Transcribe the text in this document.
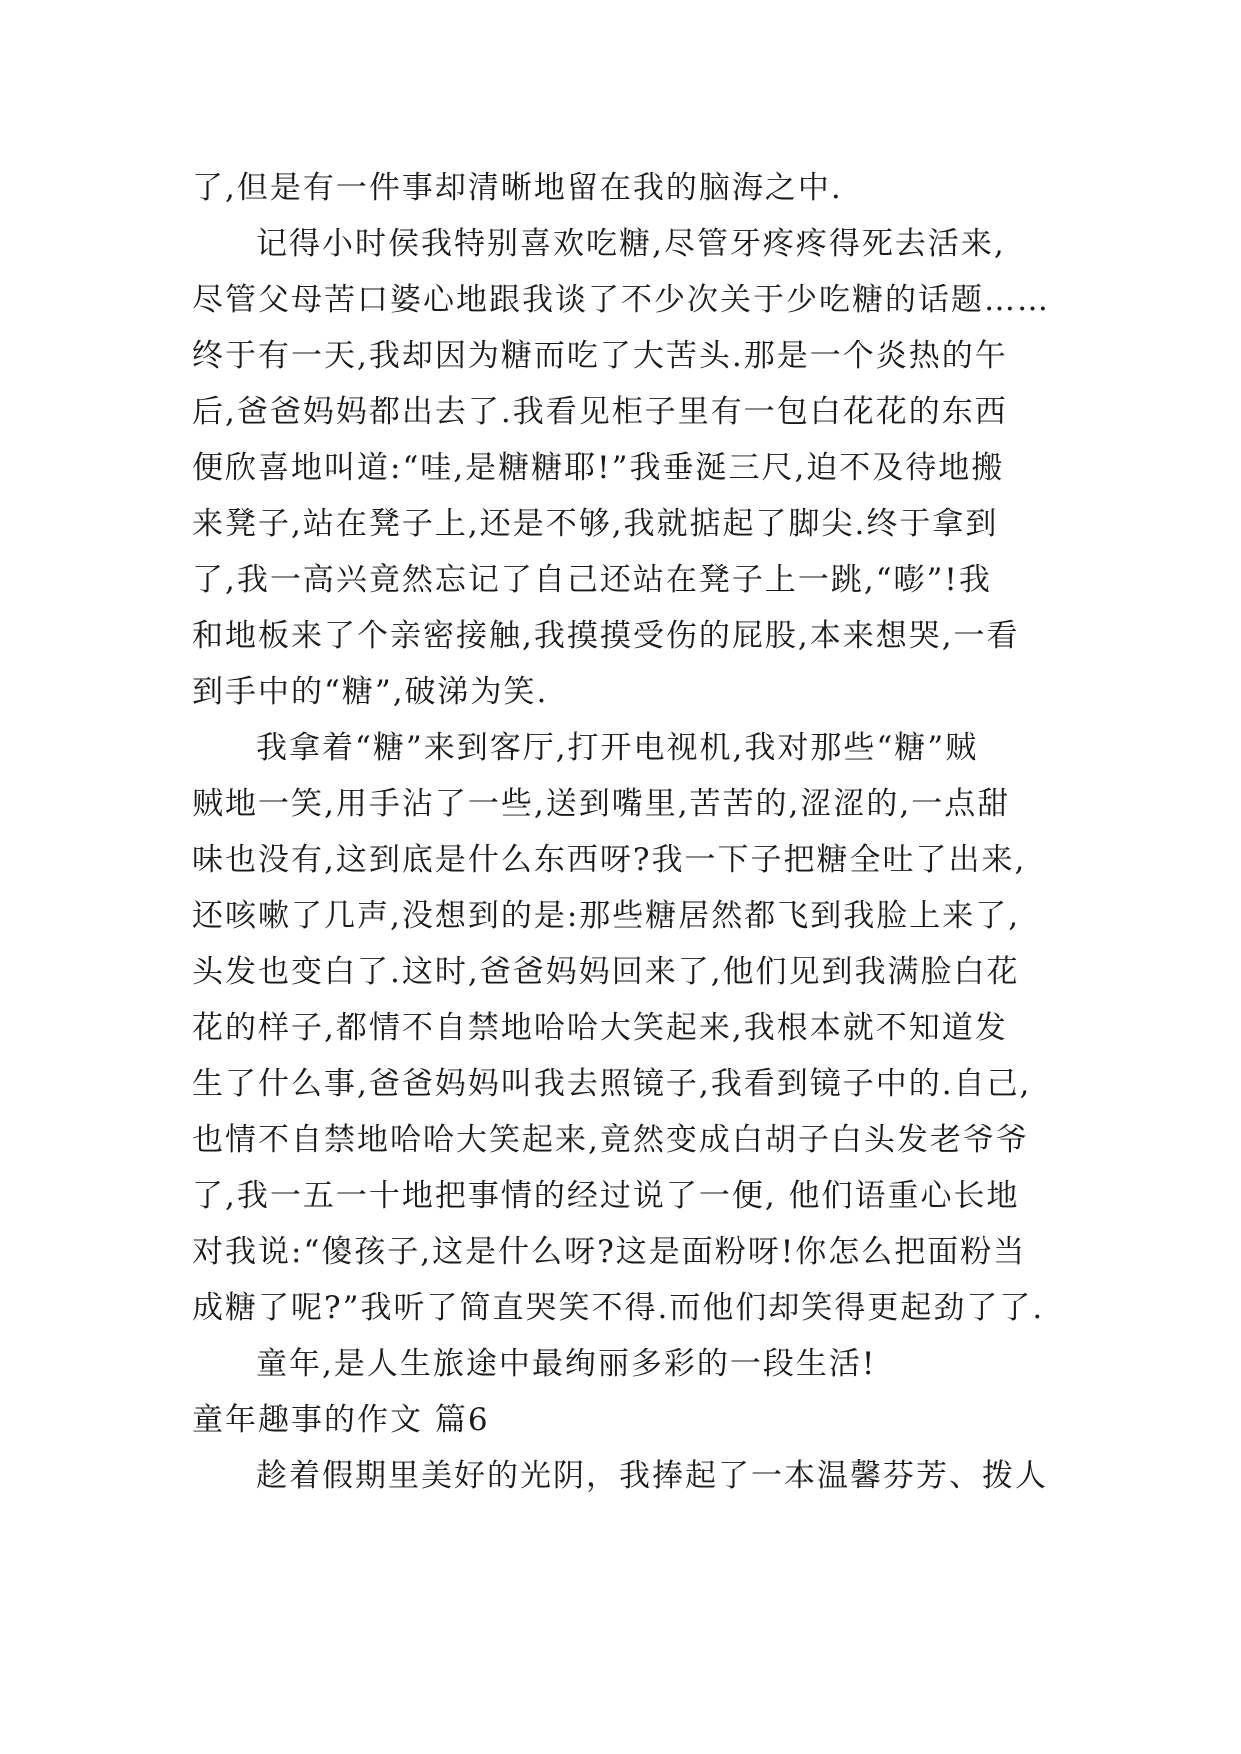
了,但是有一件事却清晰地留在我的脑海之中.
记得小时侯我特别喜欢吃糖,尽管牙疼疼得死去活来,
尽管父母苦口婆心地跟我谈了不少次关于少吃糖的话题……
终于有一天,我却因为糖而吃了大苦头.那是一个炎热的午
后,爸爸妈妈都出去了.我看见柜子里有一包白花花的东西
便欣喜地叫道:“哇,是糖糖耶!”我垂涎三尺,迫不及待地搬
来凳子,站在凳子上,还是不够,我就掂起了脚尖.终于拿到
了,我一高兴竟然忘记了自己还站在凳子上一跳,“嘭”!我
和地板来了个亲密接触,我摸摸受伤的屁股,本来想哭,一看
到手中的“糖”,破涕为笑.
我拿着“糖”来到客厅,打开电视机,我对那些“糖”贼
贼地一笑,用手沾了一些,送到嘴里,苦苦的,涩涩的,一点甜
味也没有,这到底是什么东西呀?我一下子把糖全吐了出来,
还咳嗽了几声,没想到的是:那些糖居然都飞到我脸上来了,
头发也变白了.这时,爸爸妈妈回来了,他们见到我满脸白花
花的样子,都情不自禁地哈哈大笑起来,我根本就不知道发
生了什么事,爸爸妈妈叫我去照镜子,我看到镜子中的.自己,
也情不自禁地哈哈大笑起来,竟然变成白胡子白头发老爷爷
了,我一五一十地把事情的经过说了一便, 他们语重心长地
对我说:“傻孩子,这是什么呀?这是面粉呀!你怎么把面粉当
成糖了呢?”我听了简直哭笑不得.而他们却笑得更起劲了了.
童年,是人生旅途中最绚丽多彩的一段生活!
童年趣事的作文 篇6
趁着假期里美好的光阴，我捧起了一本温馨芬芳、拨人
